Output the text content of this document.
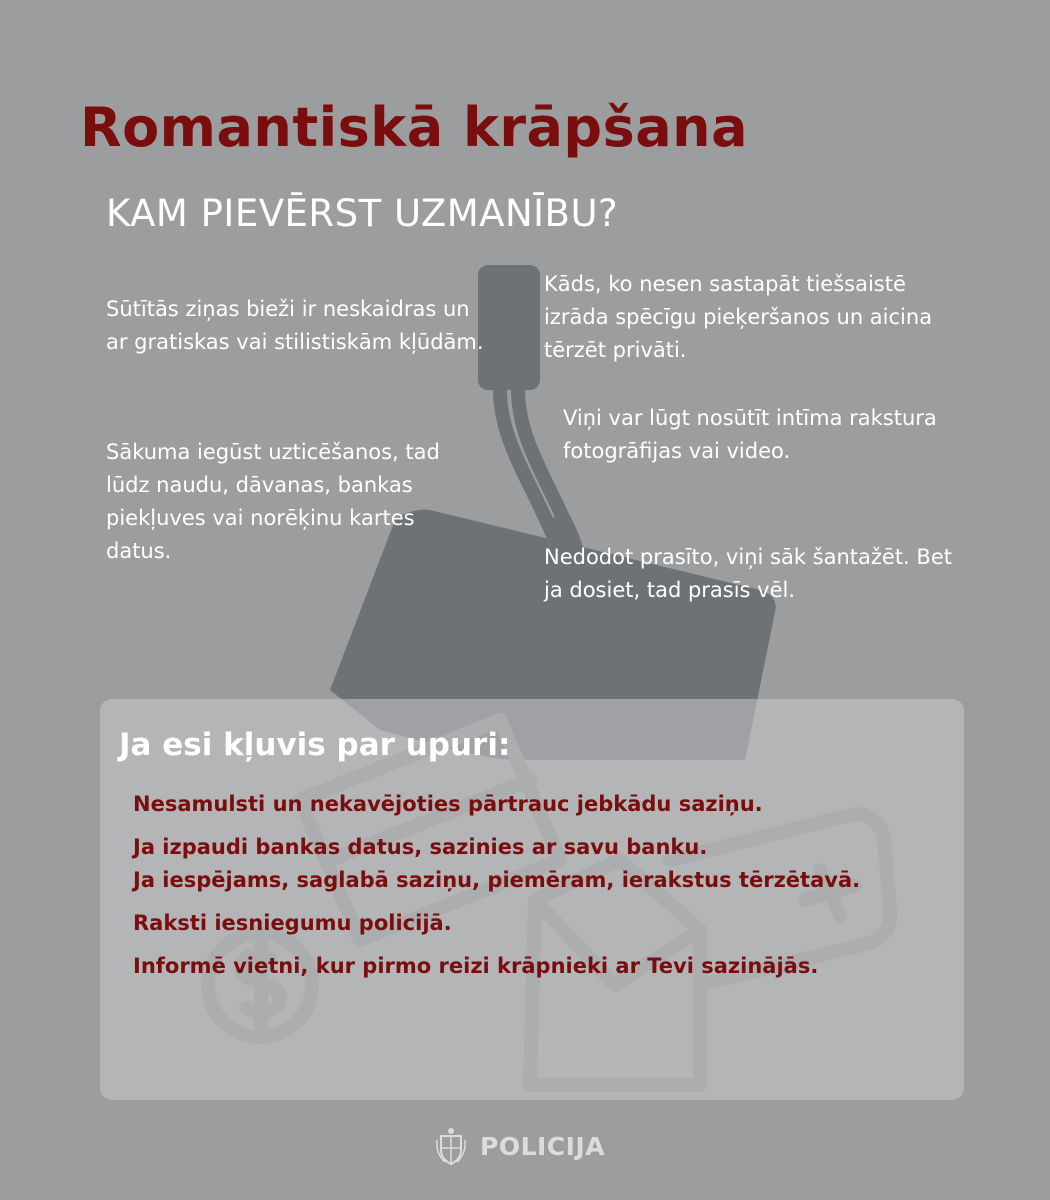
Romantiskā krāpšana
KAM PIEVĒRST UZMANĪBU?

Sūtītās ziņas bieži ir neskaidras un ar gratiskas vai stilistiskām kļūdām.

Kāds, ko nesen sastapāt tiešsaistē izrāda spēcīgu pieķeršanos un aicina tērzēt privāti.

Viņi var lūgt nosūtīt intīma rakstura fotogrāfijas vai video.

Sākuma iegūst uzticēšanos, tad lūdz naudu, dāvanas, bankas piekļuves vai norēķinu kartes datus.	Nedodot prasīto, viņi sāk šantažēt. Bet ja dosiet, tad prasīs vēl.

Ja esi kļuvis par upuri:
Nesamulsti un nekavējoties pārtrauc jebkādu saziņu.
Ja izpaudi bankas datus, sazinies ar savu banku.
Ja iespējams, saglabā saziņu, piemēram, ierakstus tērzētavā.
Raksti iesniegumu policijā.
Informē vietni, kur pirmo reizi krāpnieki ar Tevi sazinājās.
POLICIJA
